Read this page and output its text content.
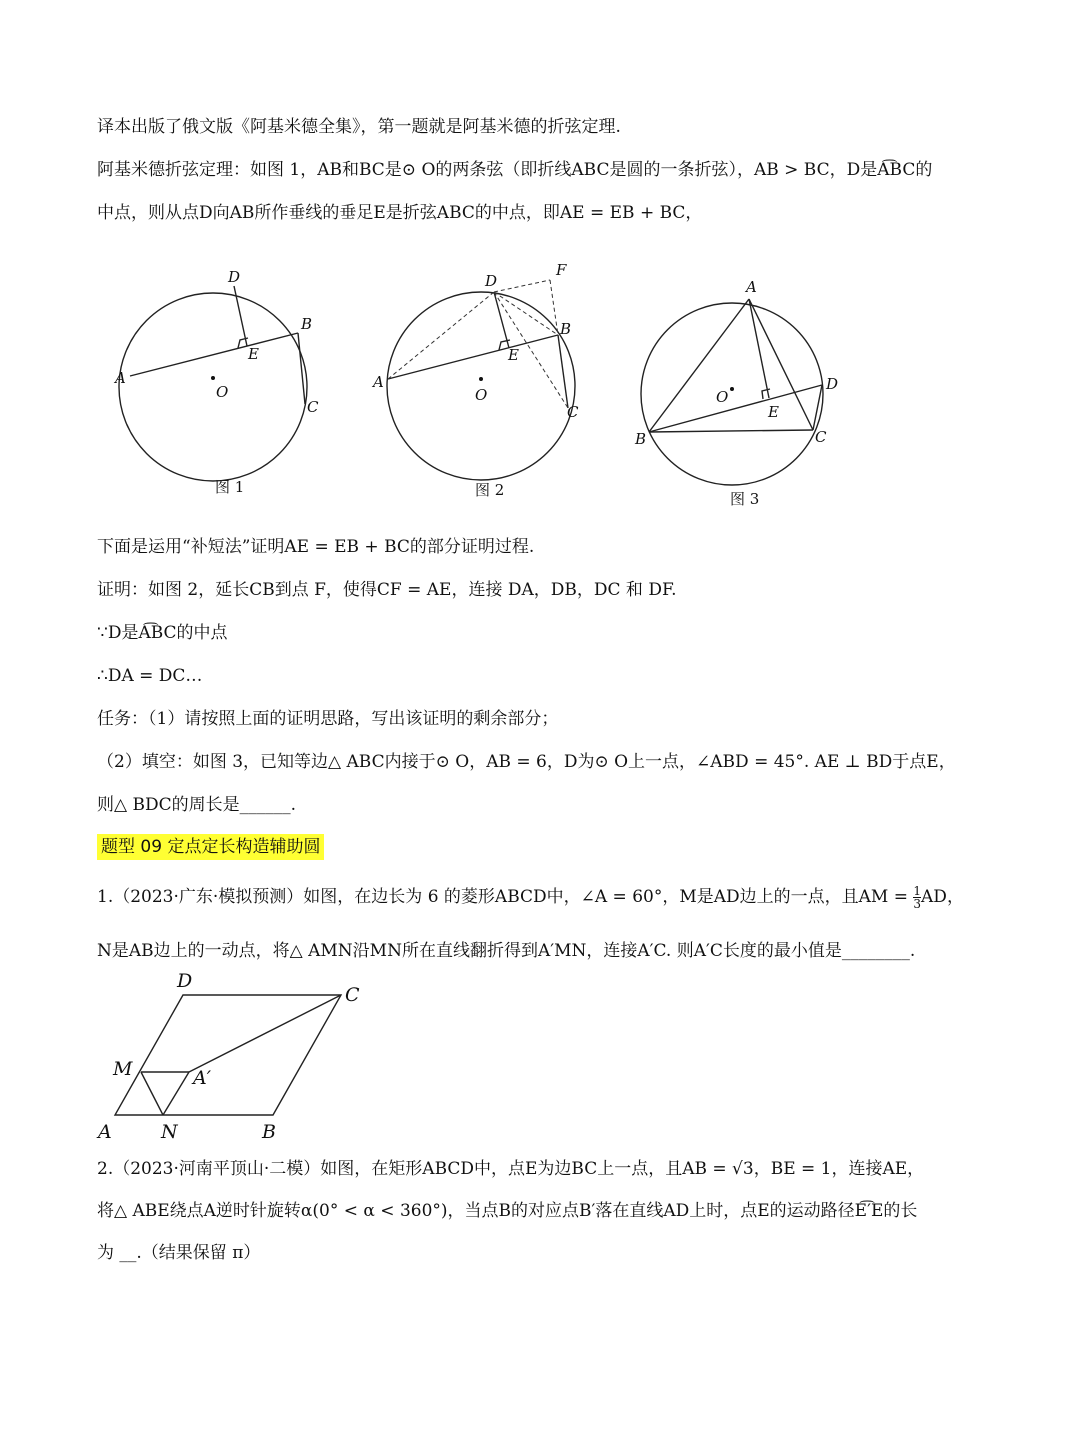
译本出版了俄文版《阿基米德全集》，第一题就是阿基米德的折弦定理.
阿基米德折弦定理：如图 1，AB和BC是⊙ O的两条弦（即折线ABC是圆的一条折弦），AB > BC，D是A͡BC的
中点，则从点D向AB所作垂线的垂足E是折弦ABC的中点，即AE = EB + BC，
D
B
E
A
O
C
图 1
D
F
B
E
A
O
C
图 2
A
D
O
E
B	C
图 3
下面是运用“补短法”证明AE = EB + BC的部分证明过程.
证明：如图 2，延长CB到点 F，使得CF = AE，连接 DA，DB，DC 和 DF.
∵D是A͡BC的中点
∴DA = DC…
任务：（1）请按照上面的证明思路，写出该证明的剩余部分；
（2）填空：如图 3，已知等边△ ABC内接于⊙ O，AB = 6，D为⊙ O上一点，∠ABD = 45°. AE ⊥ BD于点E，
则△ BDC的周长是______.
题型 09 定点定长构造辅助圆
1.（2023·广东·模拟预测）如图，在边长为 6 的菱形ABCD中，∠A = 60°，M是AD边上的一点，且AM = $\frac{1}{3}$ AD，
N是AB边上的一动点，将△ AMN沿MN所在直线翻折得到A′MN，连接A′C. 则A′C长度的最小值是________.
D
C
M	A′
A	N	B
2.（2023·河南平顶山·二模）如图，在矩形ABCD中，点E为边BC上一点，且AB = √3，BE = 1，连接AE，
将△ ABE绕点A逆时针旋转α(0° < α < 360°)，当点B的对应点B′落在直线AD上时，点E的运动路径E͡′E的长
为 __.（结果保留 π）
